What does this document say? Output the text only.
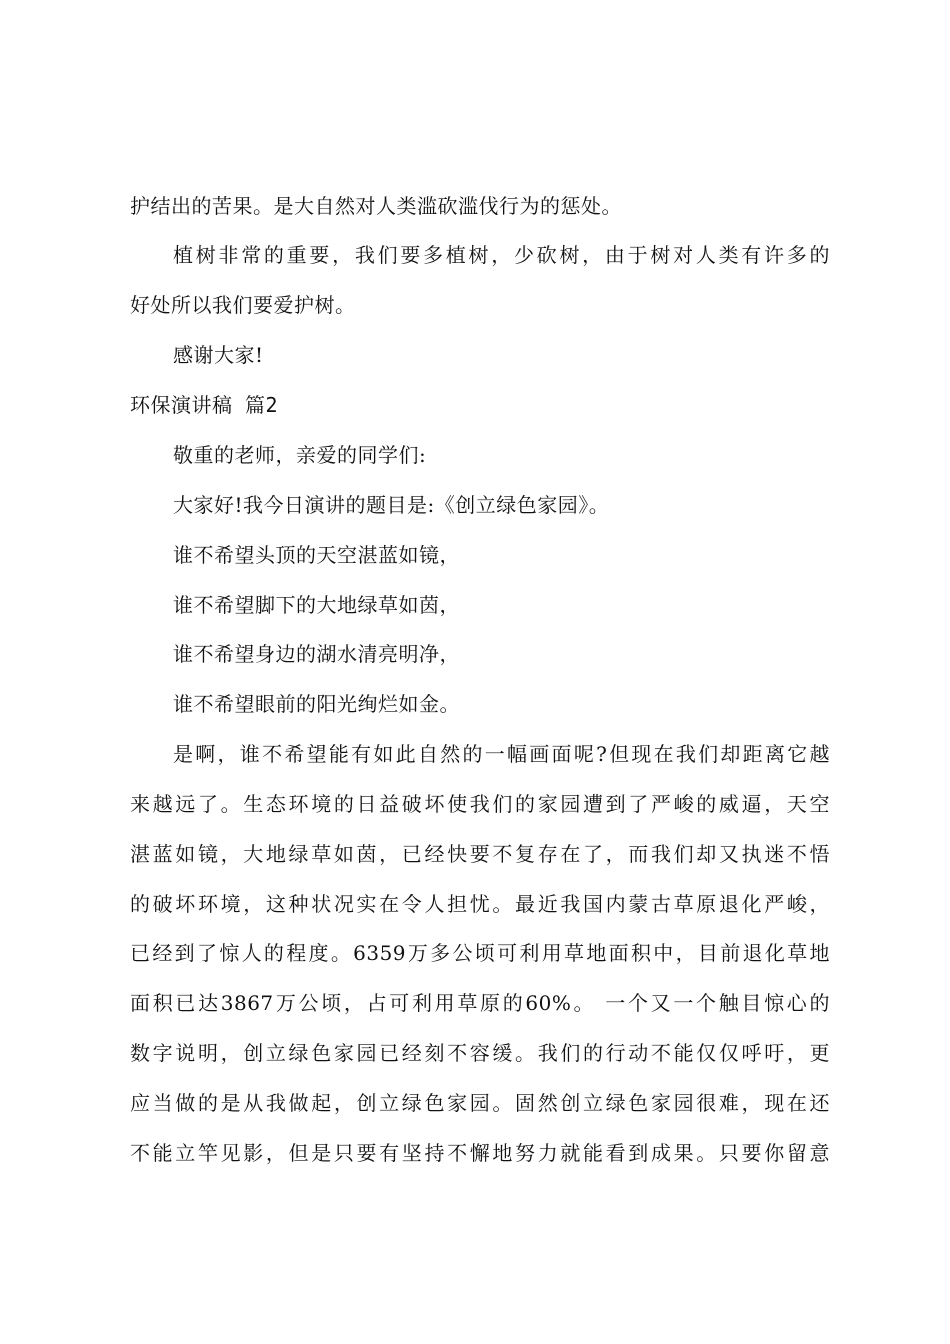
护结出的苦果。是大自然对人类滥砍滥伐行为的惩处。
植树非常的重要，我们要多植树，少砍树，由于树对人类有许多的
好处所以我们要爱护树。
感谢大家!
环保演讲稿 篇2
敬重的老师，亲爱的同学们:
大家好!我今日演讲的题目是:《创立绿色家园》。
谁不希望头顶的天空湛蓝如镜，
谁不希望脚下的大地绿草如茵，
谁不希望身边的湖水清亮明净，
谁不希望眼前的阳光绚烂如金。
是啊，谁不希望能有如此自然的一幅画面呢?但现在我们却距离它越
来越远了。生态环境的日益破坏使我们的家园遭到了严峻的威逼，天空
湛蓝如镜，大地绿草如茵，已经快要不复存在了，而我们却又执迷不悟
的破坏环境，这种状况实在令人担忧。最近我国内蒙古草原退化严峻，
已经到了惊人的程度。6359万多公顷可利用草地面积中，目前退化草地
面积已达3867万公顷，占可利用草原的60%。 一个又一个触目惊心的
数字说明，创立绿色家园已经刻不容缓。我们的行动不能仅仅呼吁，更
应当做的是从我做起，创立绿色家园。固然创立绿色家园很难，现在还
不能立竿见影，但是只要有坚持不懈地努力就能看到成果。只要你留意
